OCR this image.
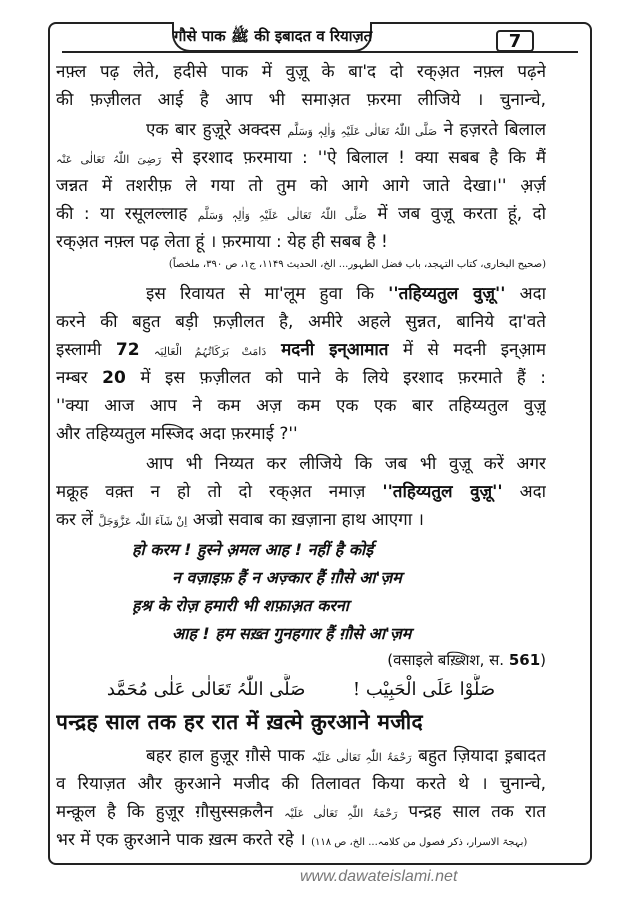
गौसे पाक ﷺ की इबादत व रियाज़त	7
नफ़्ल पढ़ लेते, हदीसे पाक में वुज़ू के बा'द दो रक्अ़त नफ़्ल पढ़ने
की फ़ज़ीलत आई है आप भी समाअ़त फ़रमा लीजिये । चुनान्चे,
एक बार हुज़ूरे अक्दस صَلَّی اللّٰہُ تَعَالٰی عَلَیْہِ وَاٰلِہٖ وَسَلَّم ने हज़रते बिलाल
رَضِیَ اللّٰہُ تَعَالٰی عَنْہ से इरशाद फ़रमाया : ''ऐ बिलाल ! क्या सबब है कि मैं
जन्नत में तशरीफ़ ले गया तो तुम को आगे आगे जाते देखा।'' अ़र्ज़
की : या रसूलल्लाह صَلَّی اللّٰہُ تَعَالٰی عَلَیْہِ وَاٰلِہٖ وَسَلَّم में जब वुज़ू करता हूं, दो
रक्अ़त नफ़्ल पढ़ लेता हूं । फ़रमाया : येह ही सबब है !
(صحیح البخاری، کتاب التہجد، باب فضل الطہور... الخ، الحدیث ۱۱۴۹، ج۱، ص ۳۹۰، ملخصاً)
इस रिवायत से मा'लूम हुवा कि ''तहिय्यतुल वुज़ू'' अदा
करने की बहुत बड़ी फ़ज़ीलत है, अमीरे अहले सुन्नत, बानिये दा'वते
इस्लामी	دَامَتْ بَرَکَاتُہُمُ الْعَالِیَہ 72 मदनी इन्आमात में से मदनी इन्आ़म
नम्बर 20 में इस फ़ज़ीलत को पाने के लिये इरशाद फ़रमाते हैं :
''क्या आज आप ने कम अज़ कम एक एक बार तहिय्यतुल वुज़ू
और तहिय्यतुल मस्जिद अदा फ़रमाई ?''
आप भी निय्यत कर लीजिये कि जब भी वुज़ू करें अगर
मक्रूह वक़्त न हो तो दो रक्अ़त नमाज़ ''तहिय्यतुल वुज़ू'' अदा
कर लें اِنْ شَآءَ اللّٰہ عَزَّوَجَلَّ अज्रो सवाब का ख़ज़ाना हाथ आएगा ।
हो करम ! हुस्ने अ़मल आह ! नहीं है कोई
न वज़ाइफ़ हैं न अज़्कार हैं ग़ौसे आ'ज़म
ह़श्र के रोज़ हमारी भी शफ़ाअ़त करना
आह ! हम सख़्त गुनहगार हैं ग़ौसे आ'ज़म
(वसाइले बख़्शिश, स. 561)
صَلُّوْا عَلَی الْحَبِیْب !  صَلَّی اللّٰہُ تَعَالٰی عَلٰی مُحَمَّد
पन्द्रह साल तक हर रात में ख़त्मे क़ुरआने मजीद
बहर हाल हुज़ूर ग़ौसे पाक رَحْمَۃُ اللّٰہِ تَعَالٰی عَلَیْہ बहुत ज़ियादा इ़बादत
व रियाज़त और क़ुरआने मजीद की तिलावत किया करते थे । चुनान्चे,
मन्क़ूल है कि हुज़ूर ग़ौसुस्सक़लैन رَحْمَۃُ اللّٰہِ تَعَالٰی عَلَیْہ पन्द्रह साल तक रात
भर में एक क़ुरआने पाक ख़त्म करते रहे । (بہجۃ الاسرار، ذکر فصول من کلامہ... الخ، ص ۱۱۸)
www.dawateislami.net
